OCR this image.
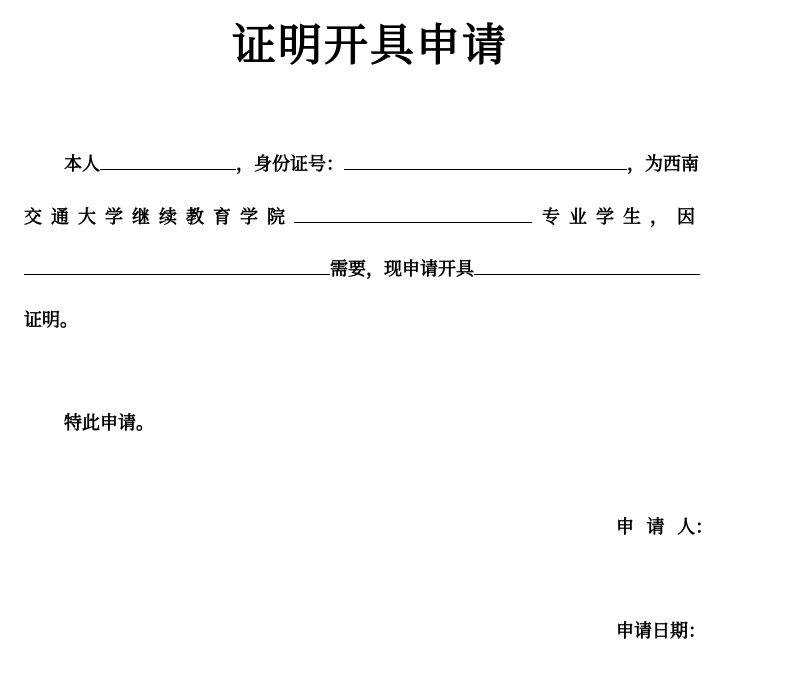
证明开具申请
本人	，身份证号：	，为西南
交通大学继续教育学院	专业学生，因
需要，现申请开具
证明。
特此申请。
申  请  人：
申请日期：
